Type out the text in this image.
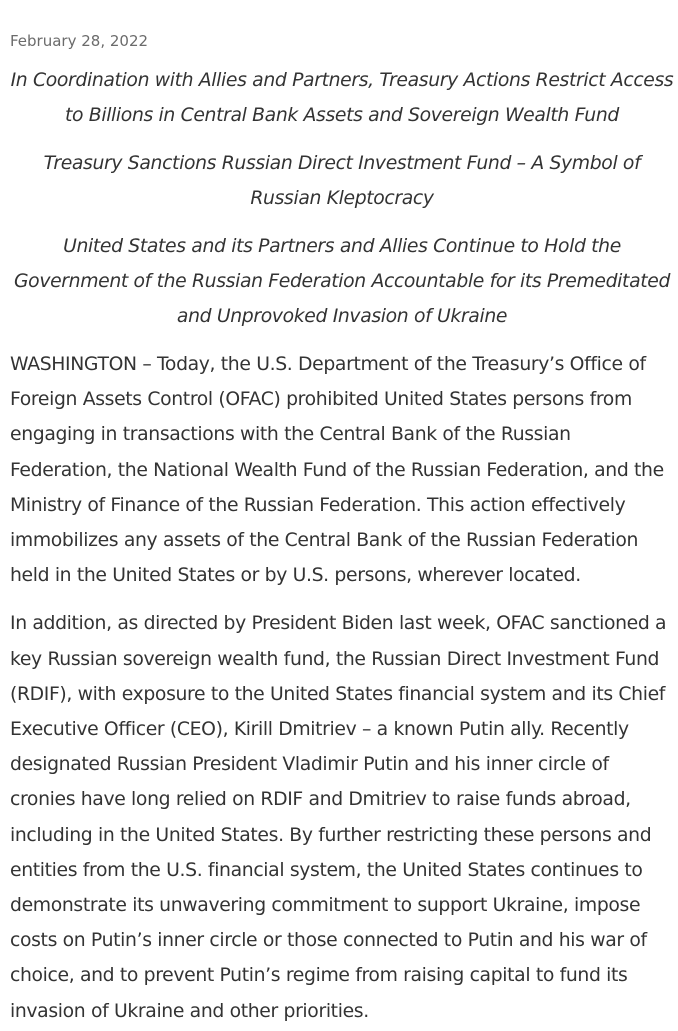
February 28, 2022

In Coordination with Allies and Partners, Treasury Actions Restrict Access to Billions in Central Bank Assets and Sovereign Wealth Fund

Treasury Sanctions Russian Direct Investment Fund – A Symbol of Russian Kleptocracy

United States and its Partners and Allies Continue to Hold the Government of the Russian Federation Accountable for its Premeditated and Unprovoked Invasion of Ukraine

WASHINGTON – Today, the U.S. Department of the Treasury’s Office of Foreign Assets Control (OFAC) prohibited United States persons from engaging in transactions with the Central Bank of the Russian Federation, the National Wealth Fund of the Russian Federation, and the Ministry of Finance of the Russian Federation. This action effectively immobilizes any assets of the Central Bank of the Russian Federation held in the United States or by U.S. persons, wherever located.

In addition, as directed by President Biden last week, OFAC sanctioned a key Russian sovereign wealth fund, the Russian Direct Investment Fund (RDIF), with exposure to the United States financial system and its Chief Executive Officer (CEO), Kirill Dmitriev – a known Putin ally. Recently designated Russian President Vladimir Putin and his inner circle of cronies have long relied on RDIF and Dmitriev to raise funds abroad, including in the United States. By further restricting these persons and entities from the U.S. financial system, the United States continues to demonstrate its unwavering commitment to support Ukraine, impose costs on Putin’s inner circle or those connected to Putin and his war of choice, and to prevent Putin’s regime from raising capital to fund its invasion of Ukraine and other priorities.
